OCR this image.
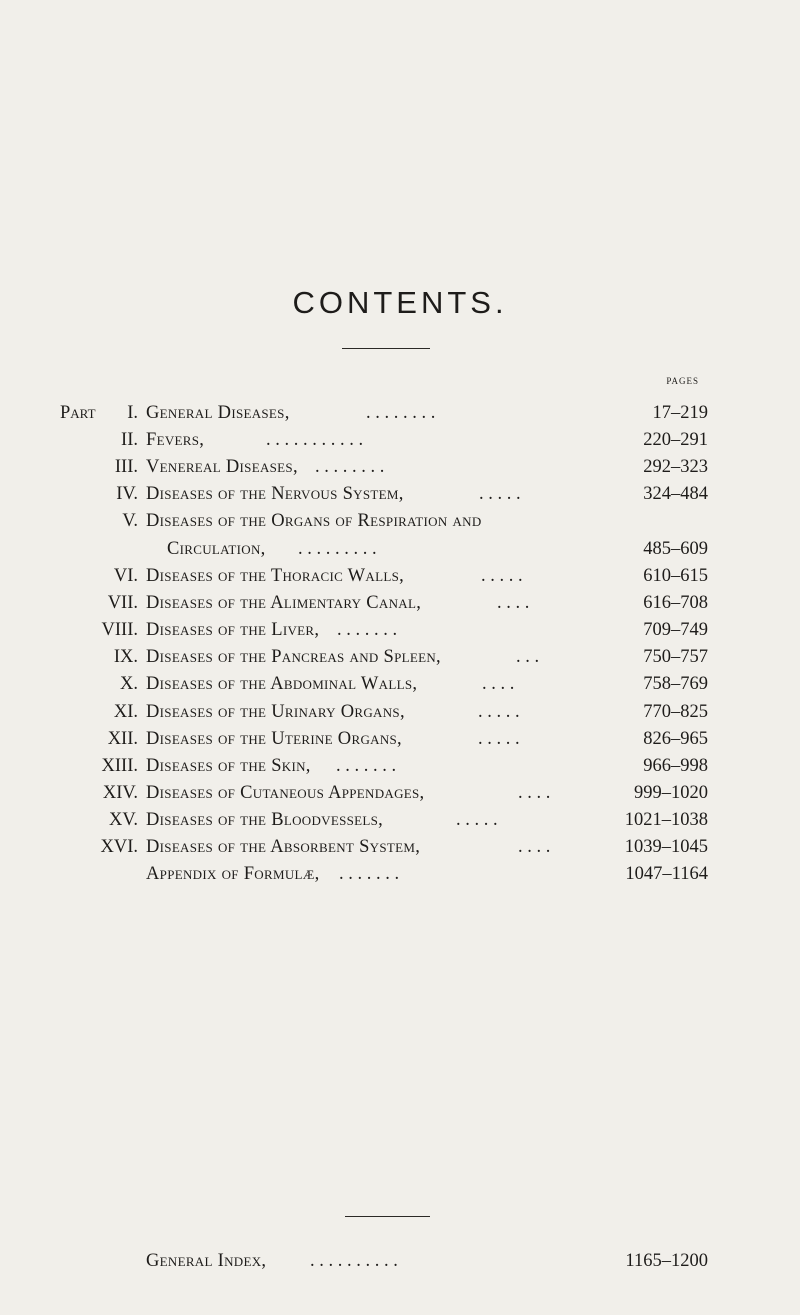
CONTENTS.
PAGES
Part I. General Diseases,	. . . . . . . .	17–219
II. Fevers,	. . . . . . . . . . .	220–291
III. Venereal Diseases, . . . . . . . .	292–323
IV. Diseases of the Nervous System,	. . . . .	324–484
V. Diseases of the Organs of Respiration and
Circulation, . . . . . . . . .	485–609
VI. Diseases of the Thoracic Walls,	. . . . .	610–615
VII. Diseases of the Alimentary Canal,	. . . .	616–708
VIII. Diseases of the Liver, . . . . . . .	709–749
IX. Diseases of the Pancreas and Spleen,	. . .	750–757
X. Diseases of the Abdominal Walls,	. . . .	758–769
XI. Diseases of the Urinary Organs,	. . . . .	770–825
XII. Diseases of the Uterine Organs,	. . . . .	826–965
XIII. Diseases of the Skin, . . . . . . .	966–998
XIV. Diseases of Cutaneous Appendages,	. . . .	999–1020
XV. Diseases of the Bloodvessels,	. . . . .	1021–1038
XVI. Diseases of the Absorbent System,	. . . .	1039–1045
Appendix of Formulæ, . . . . . . .	1047–1164
General Index, . . . . . . . . . .	1165–1200
